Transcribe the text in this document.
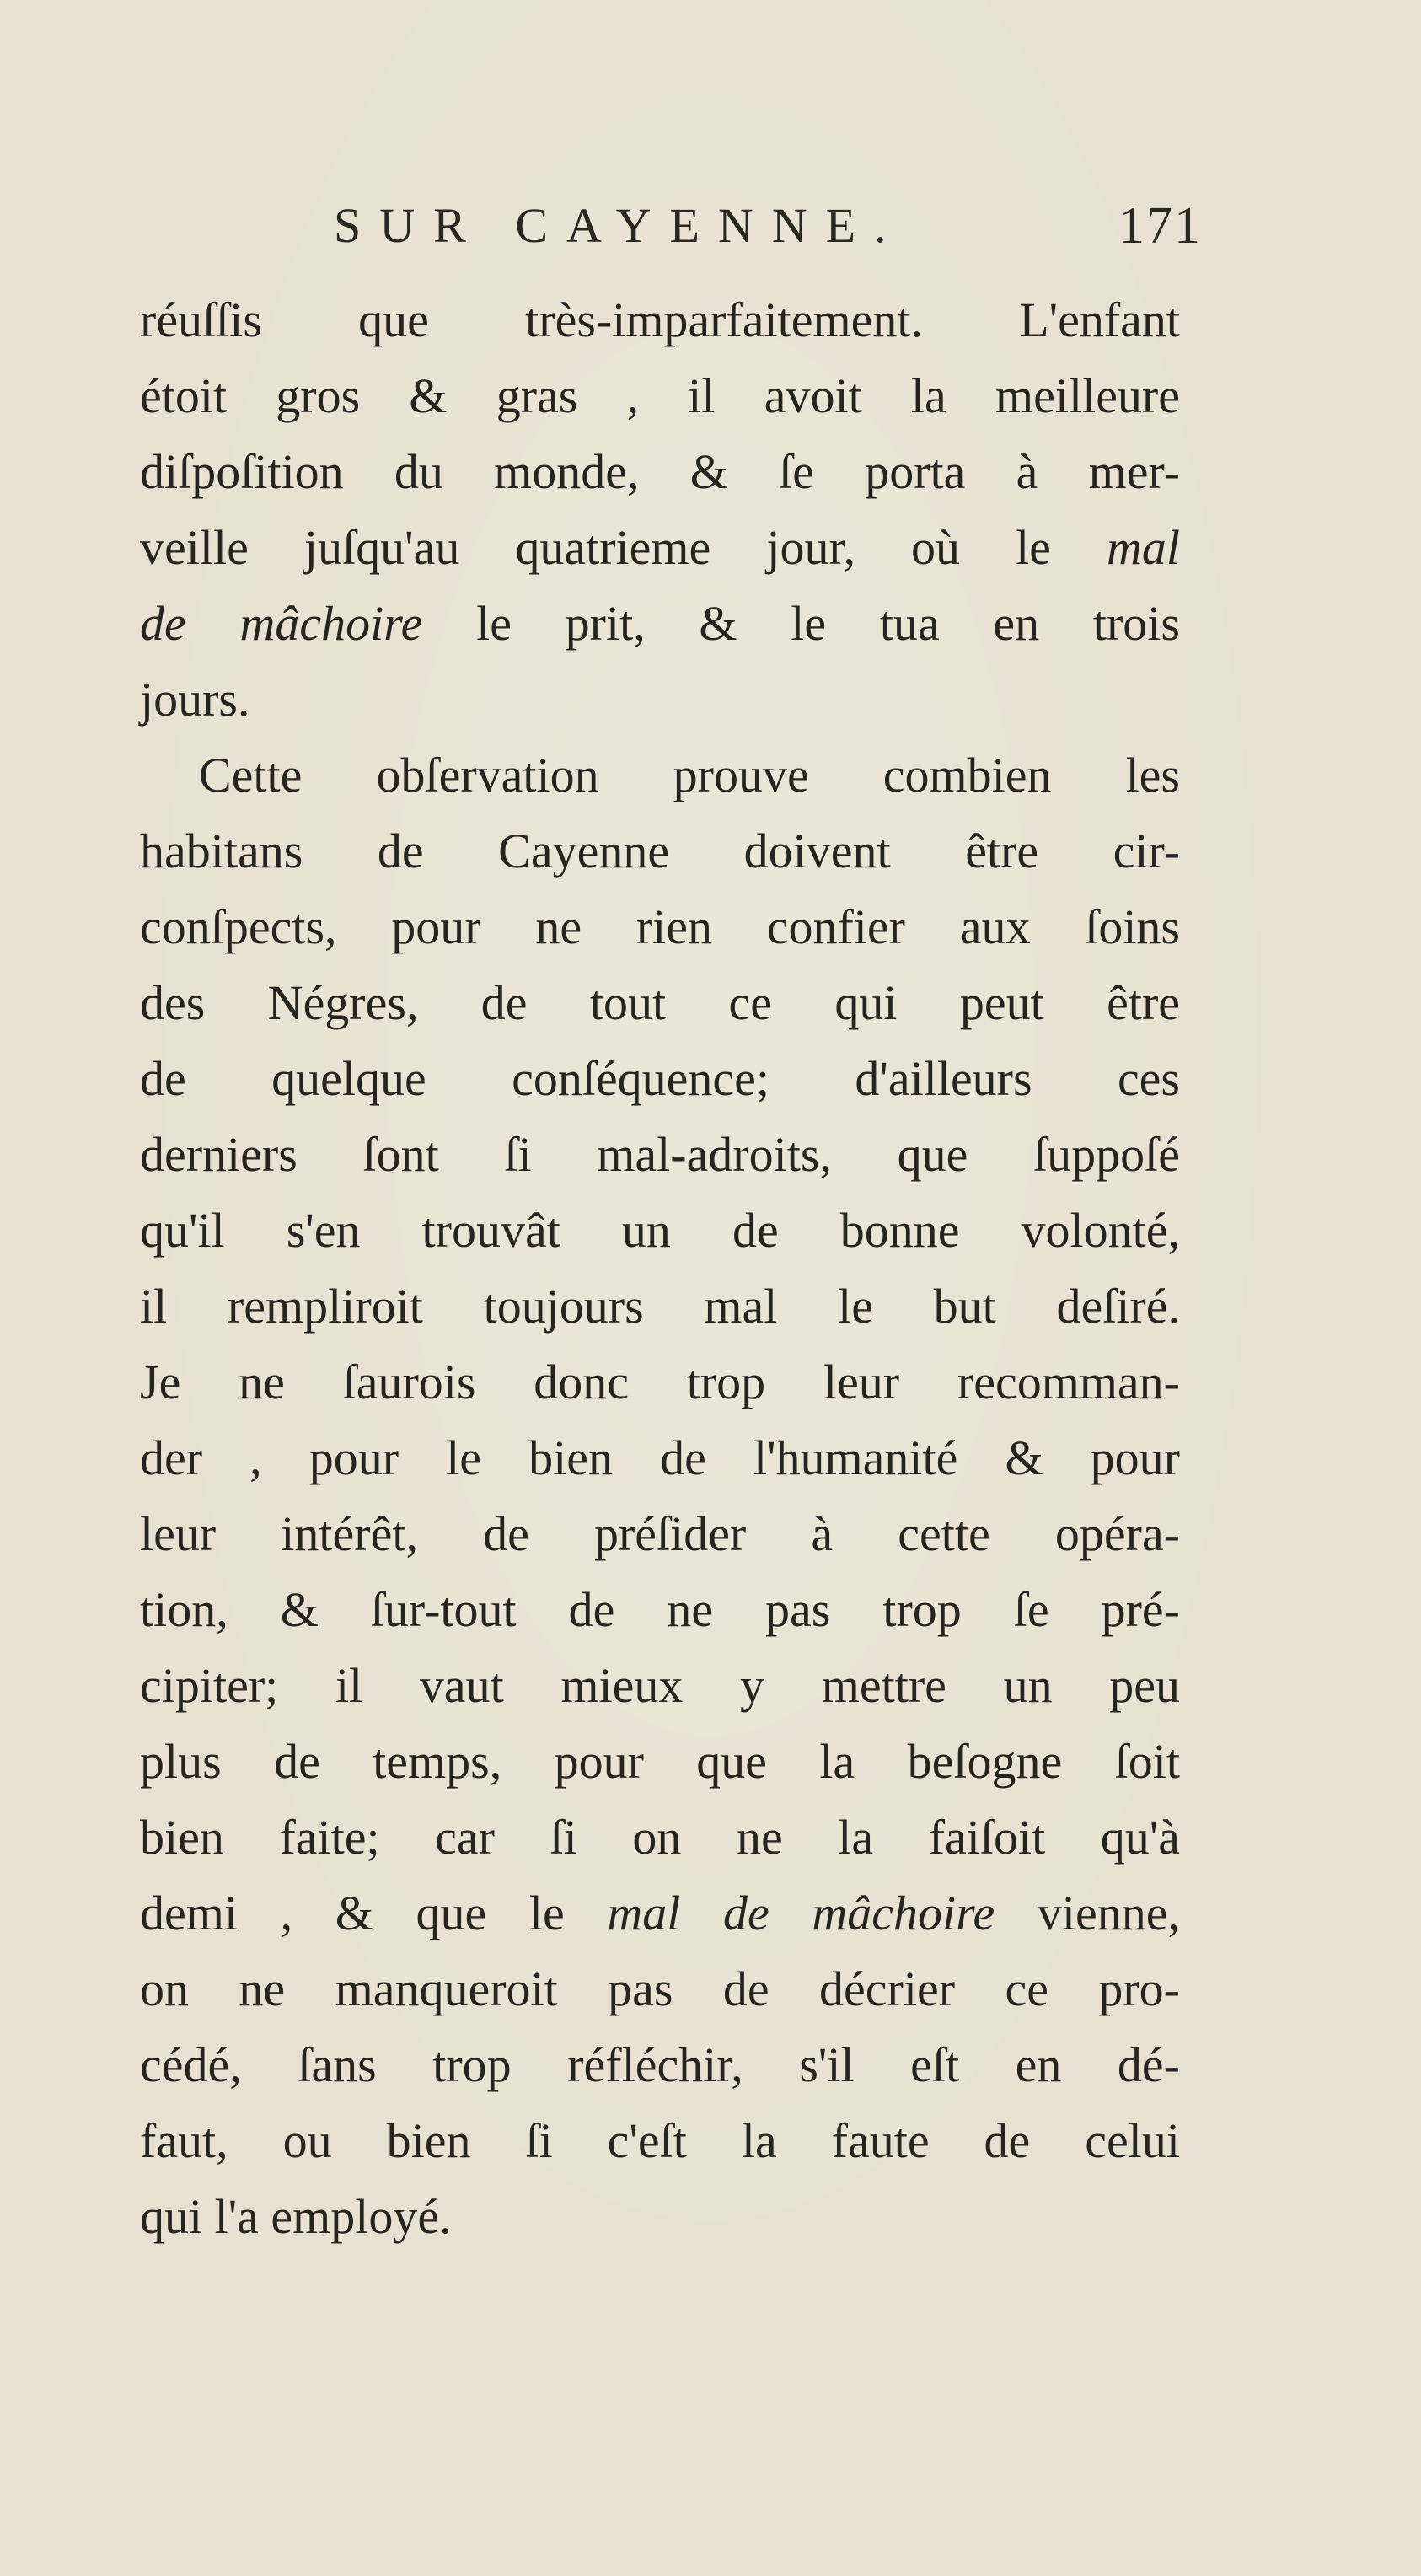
SUR CAYENNE.	171
réuſſis que très-imparfaitement. L'enfant
étoit gros & gras , il avoit la meilleure
diſpoſition du monde, & ſe porta à mer-
veille juſqu'au quatrieme jour, où le mal
de mâchoire le prit, & le tua en trois
jours.
Cette obſervation prouve combien les
habitans de Cayenne doivent être cir-
conſpects, pour ne rien confier aux ſoins
des Négres, de tout ce qui peut être
de quelque conſéquence; d'ailleurs ces
derniers ſont ſi mal-adroits, que ſuppoſé
qu'il s'en trouvât un de bonne volonté,
il rempliroit toujours mal le but deſiré.
Je ne ſaurois donc trop leur recomman-
der , pour le bien de l'humanité & pour
leur intérêt, de préſider à cette opéra-
tion, & ſur-tout de ne pas trop ſe pré-
cipiter; il vaut mieux y mettre un peu
plus de temps, pour que la beſogne ſoit
bien faite; car ſi on ne la faiſoit qu'à
demi , & que le mal de mâchoire vienne,
on ne manqueroit pas de décrier ce pro-
cédé, ſans trop réfléchir, s'il eſt en dé-
faut, ou bien ſi c'eſt la faute de celui
qui l'a employé.
